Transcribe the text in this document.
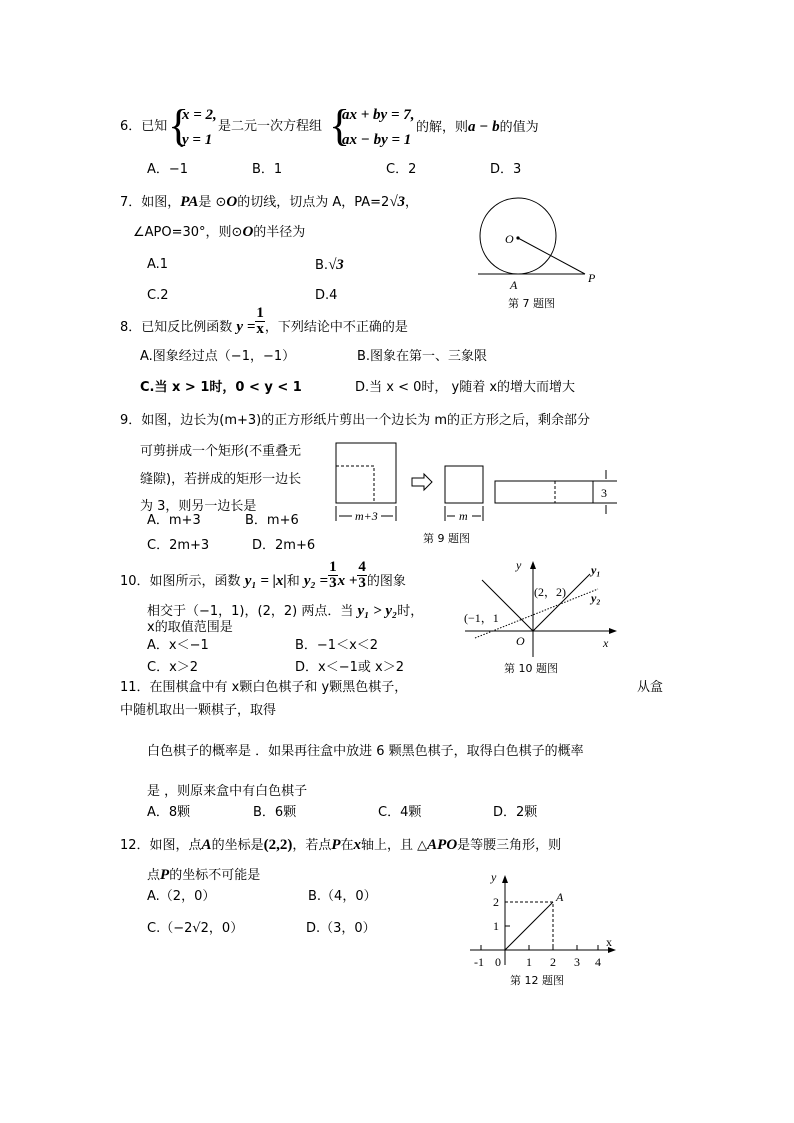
6．已知 {
x = 2,
y = 1
是二元一次方程组 {
ax + by = 7,
ax − by = 1
的解，则a − b的值为
A．−1	B．1	C．2	D．3
7．如图，PA是 ⊙O的切线，切点为 A，PA=2√3，
∠APO=30°，则⊙O的半径为
A.1	B.√3
C.2	D.4
O
A	P
第 7 题图
8．已知反比例函数 $y = \frac{1}{x}$ ，下列结论中不正确的是
A.图象经过点（−1，−1）	B.图象在第一、三象限
C.当 x > 1时，0 < y < 1	D.当 x < 0时， y随着 x的增大而增大
9．如图，边长为(m+3)的正方形纸片剪出一个边长为 m的正方形之后，剩余部分
可剪拼成一个矩形(不重叠无
缝隙)，若拼成的矩形一边长
为 3，则另一边长是
A．m+3	B．m+6
C．2m+3	D．2m+6
m+3	m
3
第 9 题图
10．如图所示，函数 y₁ = |x|和 $y_2 = \frac{1}{3}$ $x + \frac{4}{3}$ 的图象
相交于（−1，1)，(2，2) 两点．当 y₁ > y₂时，
x的取值范围是
A．x＜−1	B．−1＜x＜2
C．x＞2	D．x＜−1或 x＞2
y
x
O
y₁
y₂
(2，2)
(−1，1
第 10 题图
11．在围棋盒中有 x颗白色棋子和 y颗黑色棋子，	从盒
中随机取出一颗棋子，取得
白色棋子的概率是 ．如果再往盒中放进 6 颗黑色棋子，取得白色棋子的概率
是 ，则原来盒中有白色棋子
A．8颗	B．6颗	C．4颗	D．2颗
12．如图，点A的坐标是(2,2)，若点P在x轴上，且 △APO是等腰三角形，则
点P的坐标不可能是
A.（2，0）	B.（4，0）
C.（−2√2，0）	D.（3，0）
y
x
A
2
1
-1 0 1 2 3 4
第 12 题图
